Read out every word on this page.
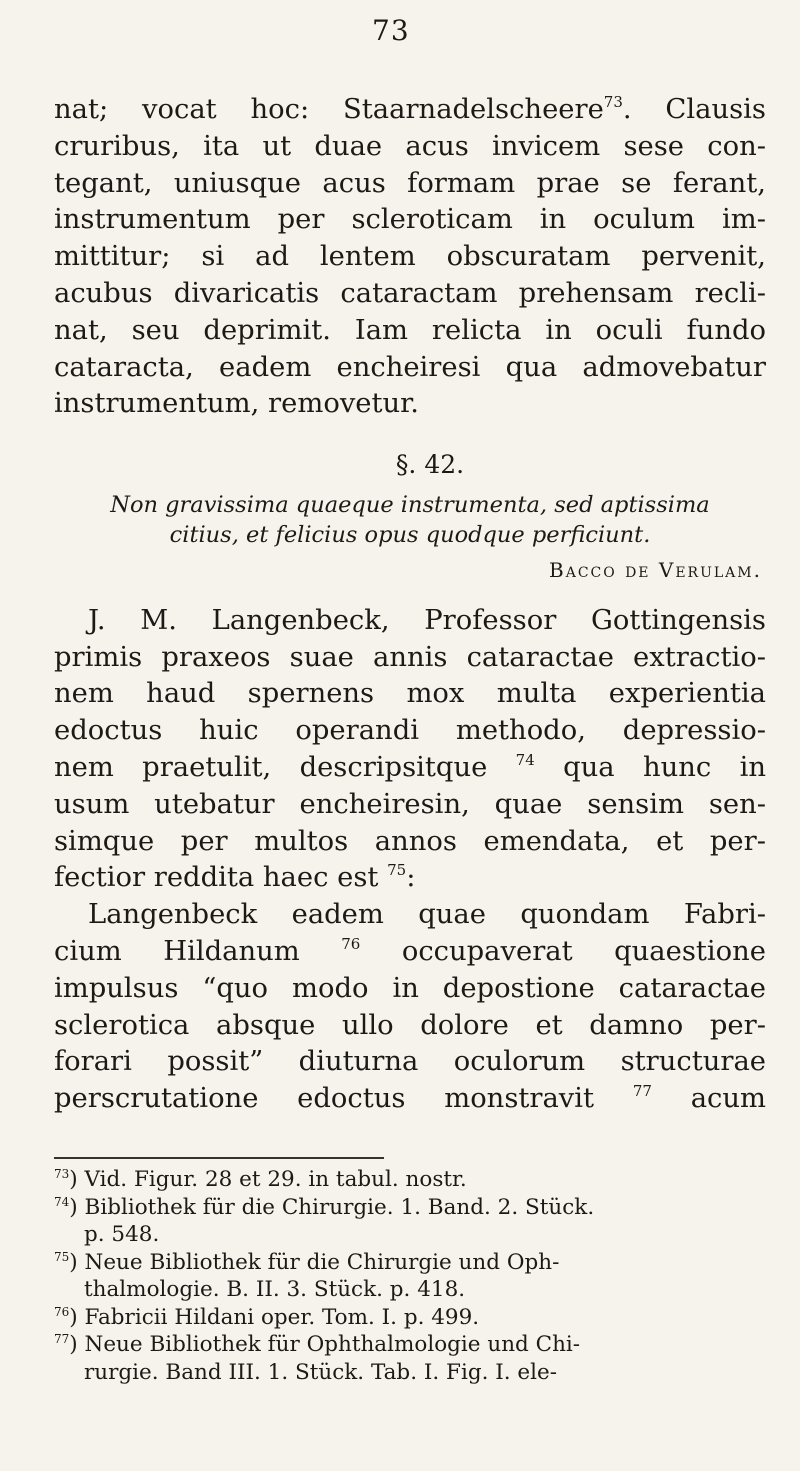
73
nat; vocat hoc: Staarnadelscheere$^{73}$. Clausis
cruribus, ita ut duae acus invicem sese con-
tegant, uniusque acus formam prae se ferant,
instrumentum per scleroticam in oculum im-
mittitur; si ad lentem obscuratam pervenit,
acubus divaricatis cataractam prehensam recli-
nat, seu deprimit. Iam relicta in oculi fundo
cataracta, eadem encheiresi qua admovebatur
instrumentum, removetur.
§. 42.
Non gravissima quaeque instrumenta, sed aptissima
citius, et felicius opus quodque perficiunt.
Bacco de Verulam.
J. M. Langenbeck, Professor Gottingensis
primis praxeos suae annis cataractae extractio-
nem haud spernens mox multa experientia
edoctus huic operandi methodo, depressio-
nem praetulit, descripsitque $^{74}$ qua hunc in
usum utebatur encheiresin, quae sensim sen-
simque per multos annos emendata, et per-
fectior reddita haec est $^{75}$:
Langenbeck eadem quae quondam Fabri-
cium Hildanum	$^{76}$ occupaverat quaestione
impulsus “quo modo in depostione cataractae
sclerotica absque ullo dolore et damno per-
forari possit” diuturna oculorum structurae
perscrutatione edoctus monstravit	$^{77}$ acum
$^{73}$) Vid. Figur. 28 et 29. in tabul. nostr.
$^{74}$) Bibliothek für die Chirurgie. 1. Band. 2. Stück.
p. 548.
$^{75}$) Neue Bibliothek für die Chirurgie und Oph-
thalmologie. B. II. 3. Stück. p. 418.
$^{76}$) Fabricii Hildani oper. Tom. I. p. 499.
$^{77}$) Neue Bibliothek für Ophthalmologie und Chi-
rurgie. Band III. 1. Stück. Tab. I. Fig. I. ele-
